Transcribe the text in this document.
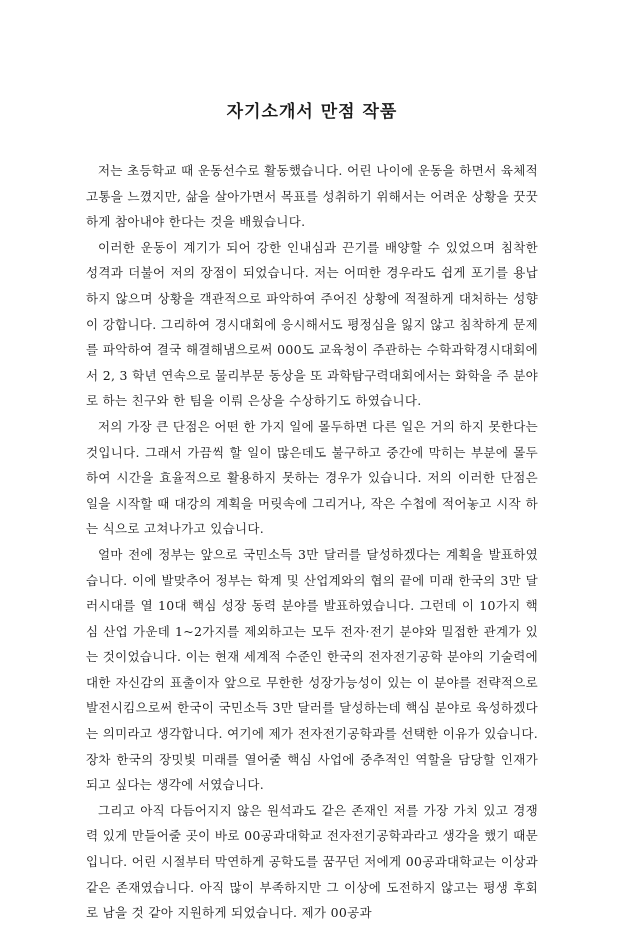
자기소개서 만점 작품

저는 초등학교 때 운동선수로 활동했습니다. 어린 나이에 운동을 하면서 육체적 고통을 느꼈지만, 삶을 살아가면서 목표를 성취하기 위해서는 어려운 상황을 꿋꿋하게 참아내야 한다는 것을 배웠습니다.

이러한 운동이 계기가 되어 강한 인내심과 끈기를 배양할 수 있었으며 침착한 성격과 더불어 저의 장점이 되었습니다. 저는 어떠한 경우라도 쉽게 포기를 용납하지 않으며 상황을 객관적으로 파악하여 주어진 상황에 적절하게 대처하는 성향이 강합니다. 그리하여 경시대회에 응시해서도 평정심을 잃지 않고 침착하게 문제를 파악하여 결국 해결해냄으로써 000도 교육청이 주관하는 수학과학경시대회에서 2, 3 학년 연속으로 물리부문 동상을 또 과학탐구력대회에서는 화학을 주 분야로 하는 친구와 한 팀을 이뤄 은상을 수상하기도 하였습니다.

저의 가장 큰 단점은 어떤 한 가지 일에 몰두하면 다른 일은 거의 하지 못한다는 것입니다. 그래서 가끔씩 할 일이 많은데도 불구하고 중간에 막히는 부분에 몰두하여 시간을 효율적으로 활용하지 못하는 경우가 있습니다. 저의 이러한 단점은 일을 시작할 때 대강의 계획을 머릿속에 그리거나, 작은 수첩에 적어놓고 시작 하는 식으로 고쳐나가고 있습니다.

얼마 전에 정부는 앞으로 국민소득 3만 달러를 달성하겠다는 계획을 발표하였습니다. 이에 발맞추어 정부는 학계 및 산업계와의 협의 끝에 미래 한국의 3만 달러시대를 열 10대 핵심 성장 동력 분야를 발표하였습니다. 그런데 이 10가지 핵심 산업 가운데 1~2가지를 제외하고는 모두 전자·전기 분야와 밀접한 관계가 있는 것이었습니다. 이는 현재 세계적 수준인 한국의 전자전기공학 분야의 기술력에 대한 자신감의 표출이자 앞으로 무한한 성장가능성이 있는 이 분야를 전략적으로 발전시킴으로써 한국이 국민소득 3만 달러를 달성하는데 핵심 분야로 육성하겠다는 의미라고 생각합니다. 여기에 제가 전자전기공학과를 선택한 이유가 있습니다. 장차 한국의 장밋빛 미래를 열어줄 핵심 사업에 중추적인 역할을 담당할 인재가 되고 싶다는 생각에 서였습니다.

그리고 아직 다듬어지지 않은 원석과도 같은 존재인 저를 가장 가치 있고 경쟁력 있게 만들어줄 곳이 바로 00공과대학교 전자전기공학과라고 생각을 했기 때문입니다. 어린 시절부터 막연하게 공학도를 꿈꾸던 저에게 00공과대학교는 이상과 같은 존재였습니다. 아직 많이 부족하지만 그 이상에 도전하지 않고는 평생 후회로 남을 것 같아 지원하게 되었습니다. 제가 00공과
